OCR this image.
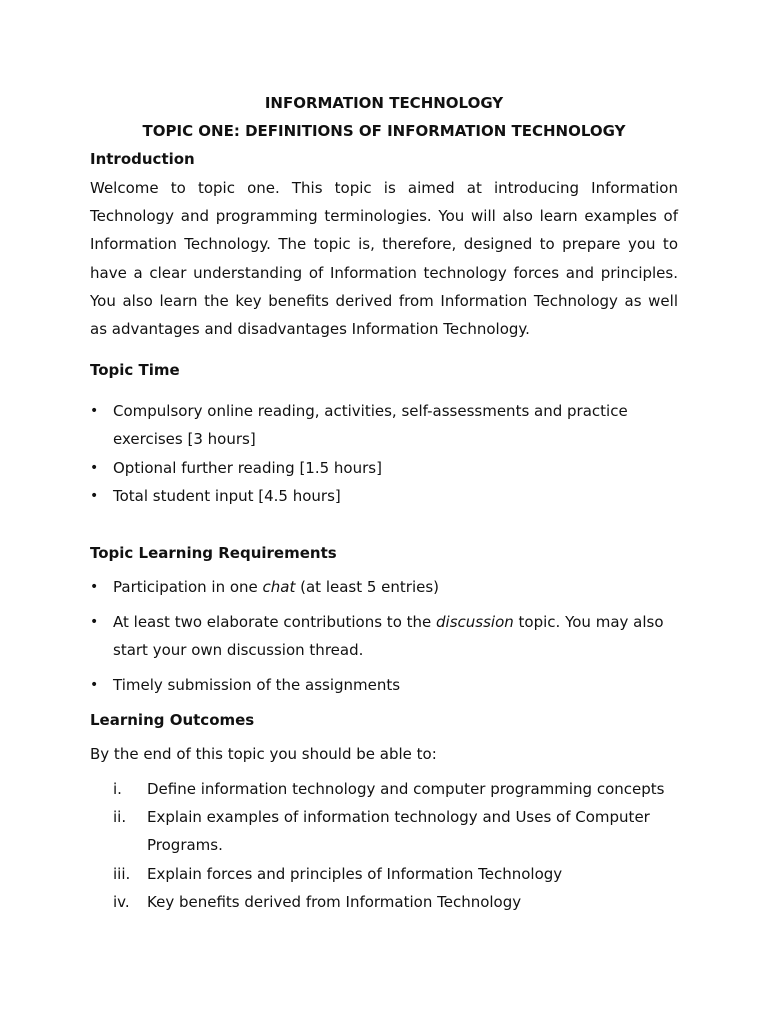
INFORMATION TECHNOLOGY
TOPIC ONE: DEFINITIONS OF INFORMATION TECHNOLOGY
Introduction
Welcome to topic one. This topic is aimed at introducing Information Technology and programming terminologies. You will also learn examples of Information Technology. The topic is, therefore, designed to prepare you to have a clear understanding of Information technology forces and principles. You also learn the key benefits derived from Information Technology as well as advantages and disadvantages Information Technology.
Topic Time
• Compulsory online reading, activities, self-assessments and practice exercises [3 hours]
• Optional further reading [1.5 hours]
• Total student input [4.5 hours]
Topic Learning Requirements
• Participation in one chat (at least 5 entries)
• At least two elaborate contributions to the discussion topic. You may also start your own discussion thread.
• Timely submission of the assignments
Learning Outcomes
By the end of this topic you should be able to:
i. Define information technology and computer programming concepts
ii. Explain examples of information technology and Uses of Computer Programs.
iii. Explain forces and principles of Information Technology
iv. Key benefits derived from Information Technology
